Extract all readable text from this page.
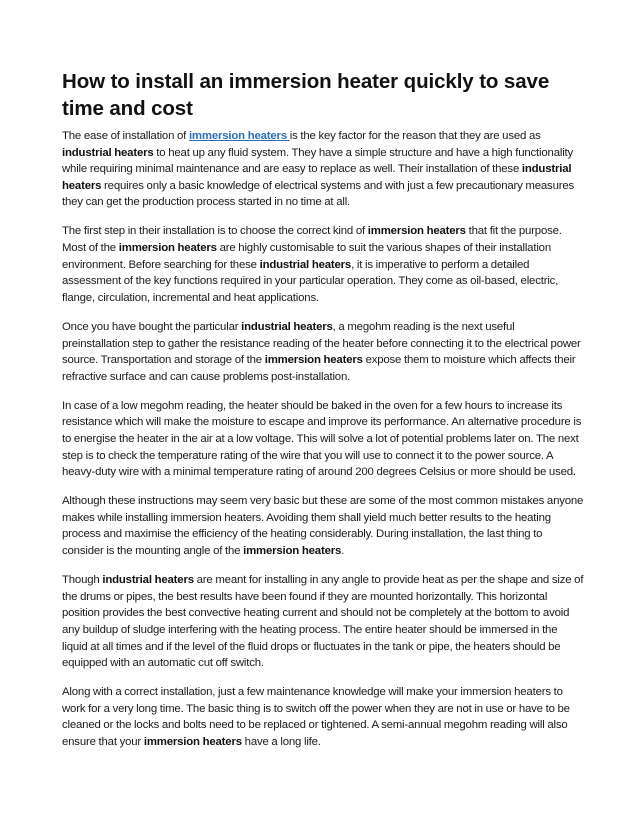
How to install an immersion heater quickly to save time and cost

The ease of installation of immersion heaters is the key factor for the reason that they are used as industrial heaters to heat up any fluid system. They have a simple structure and have a high functionality while requiring minimal maintenance and are easy to replace as well. Their installation of these industrial heaters requires only a basic knowledge of electrical systems and with just a few precautionary measures they can get the production process started in no time at all.

The first step in their installation is to choose the correct kind of immersion heaters that fit the purpose. Most of the immersion heaters are highly customisable to suit the various shapes of their installation environment. Before searching for these industrial heaters, it is imperative to perform a detailed assessment of the key functions required in your particular operation. They come as oil-based, electric, flange, circulation, incremental and heat applications.

Once you have bought the particular industrial heaters, a megohm reading is the next useful preinstallation step to gather the resistance reading of the heater before connecting it to the electrical power source. Transportation and storage of the immersion heaters expose them to moisture which affects their refractive surface and can cause problems post-installation.

In case of a low megohm reading, the heater should be baked in the oven for a few hours to increase its resistance which will make the moisture to escape and improve its performance. An alternative procedure is to energise the heater in the air at a low voltage. This will solve a lot of potential problems later on. The next step is to check the temperature rating of the wire that you will use to connect it to the power source. A heavy-duty wire with a minimal temperature rating of around 200 degrees Celsius or more should be used.

Although these instructions may seem very basic but these are some of the most common mistakes anyone makes while installing immersion heaters. Avoiding them shall yield much better results to the heating process and maximise the efficiency of the heating considerably. During installation, the last thing to consider is the mounting angle of the immersion heaters.

Though industrial heaters are meant for installing in any angle to provide heat as per the shape and size of the drums or pipes, the best results have been found if they are mounted horizontally. This horizontal position provides the best convective heating current and should not be completely at the bottom to avoid any buildup of sludge interfering with the heating process. The entire heater should be immersed in the liquid at all times and if the level of the fluid drops or fluctuates in the tank or pipe, the heaters should be equipped with an automatic cut off switch.

Along with a correct installation, just a few maintenance knowledge will make your immersion heaters to work for a very long time. The basic thing is to switch off the power when they are not in use or have to be cleaned or the locks and bolts need to be replaced or tightened. A semi-annual megohm reading will also ensure that your immersion heaters have a long life.
